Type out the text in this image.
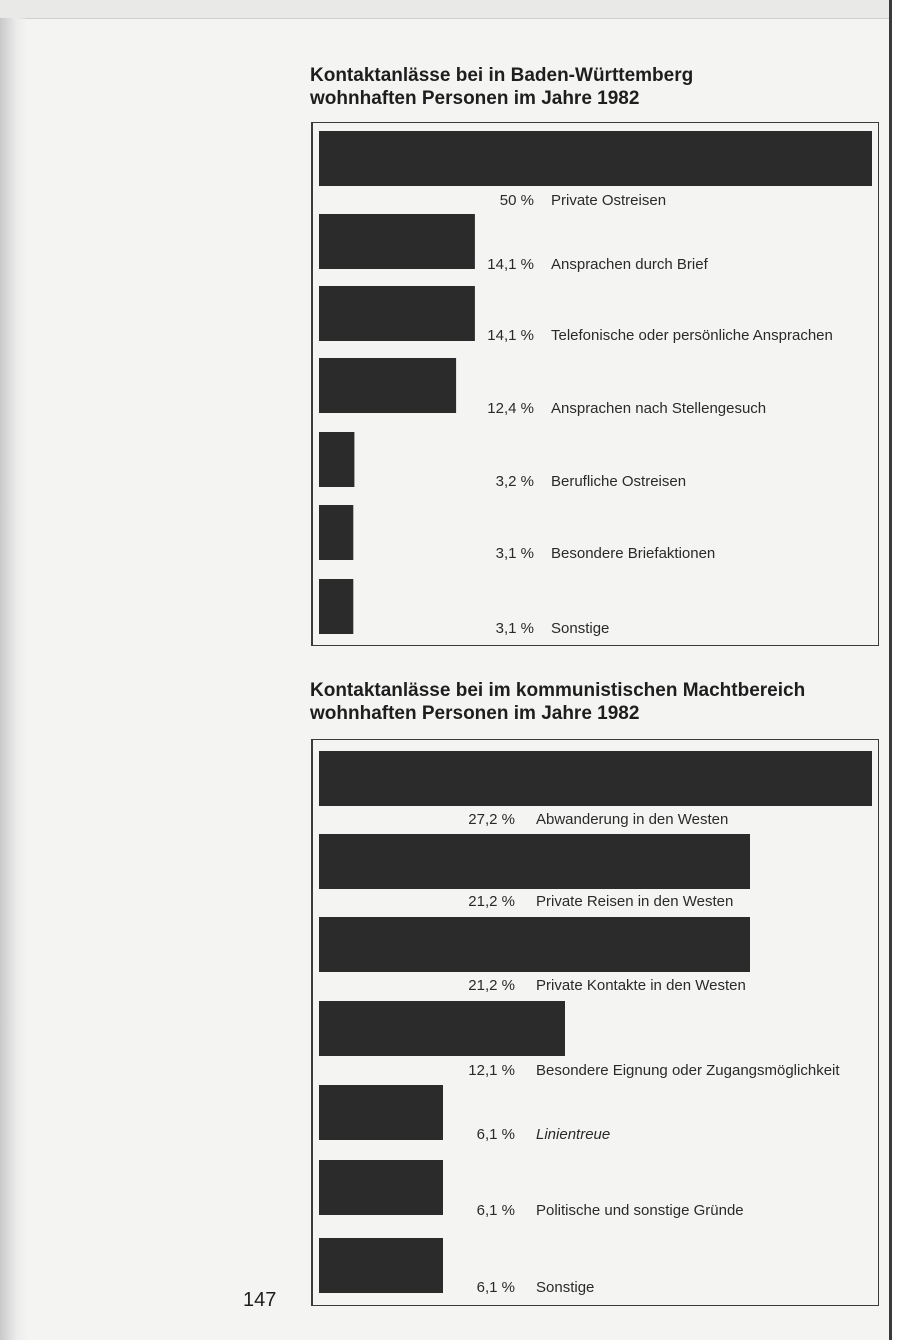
Kontaktanlässe bei in Baden-Württemberg
wohnhaften Personen im Jahre 1982
Kontaktanlässe bei im kommunistischen Machtbereich
wohnhaften Personen im Jahre 1982
50 % Private Ostreisen
14,1 % Ansprachen durch Brief
14,1 % Telefonische oder persönliche Ansprachen
12,4 % Ansprachen nach Stellengesuch
3,2 % Berufliche Ostreisen
3,1 % Besondere Briefaktionen
3,1 % Sonstige
27,2 % Abwanderung in den Westen
21,2 % Private Reisen in den Westen
21,2 % Private Kontakte in den Westen
12,1 % Besondere Eignung oder Zugangsmöglichkeit
6,1 % Linientreue
6,1 % Politische und sonstige Gründe
6,1 % Sonstige
147
